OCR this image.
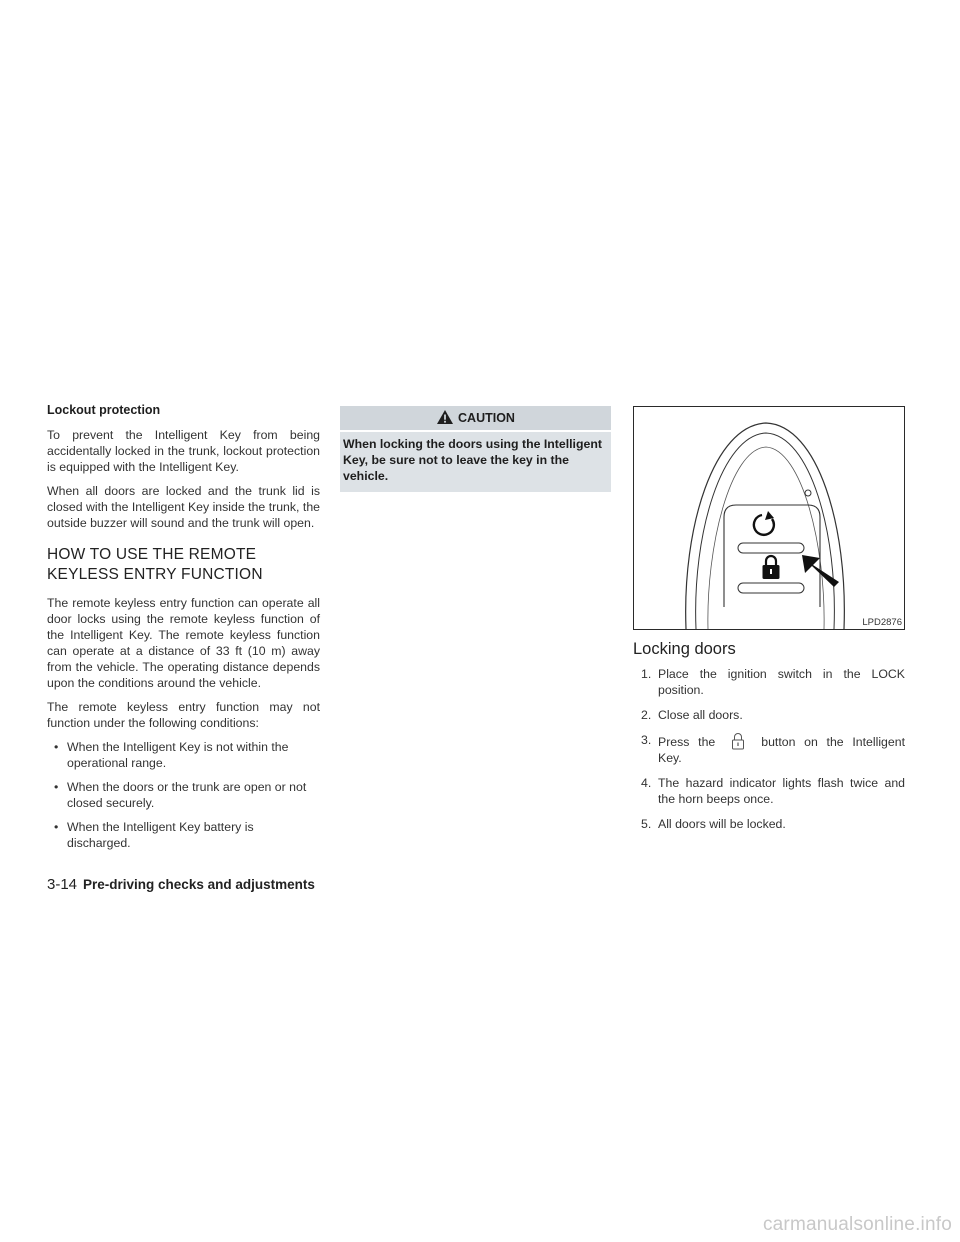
Lockout protection

To prevent the Intelligent Key from being accidentally locked in the trunk, lockout protection is equipped with the Intelligent Key.

When all doors are locked and the trunk lid is closed with the Intelligent Key inside the trunk, the outside buzzer will sound and the trunk will open.

HOW TO USE THE REMOTE
KEYLESS ENTRY FUNCTION

The remote keyless entry function can operate all door locks using the remote keyless function of the Intelligent Key. The remote keyless function can operate at a distance of 33 ft (10 m) away from the vehicle. The operating distance depends upon the conditions around the vehicle.

The remote keyless entry function may not function under the following conditions:

• When the Intelligent Key is not within the operational range.
• When the doors or the trunk are open or not closed securely.
• When the Intelligent Key battery is discharged.
CAUTION
When locking the doors using the Intelligent Key, be sure not to leave the key in the vehicle.
LPD2876
Locking doors
1. Place the ignition switch in the LOCK position.
2. Close all doors.
3. Press the	button on the Intelligent Key.
4. The hazard indicator lights flash twice and the horn beeps once.
5. All doors will be locked.
3-14 Pre-driving checks and adjustments
carmanualsonline.info
